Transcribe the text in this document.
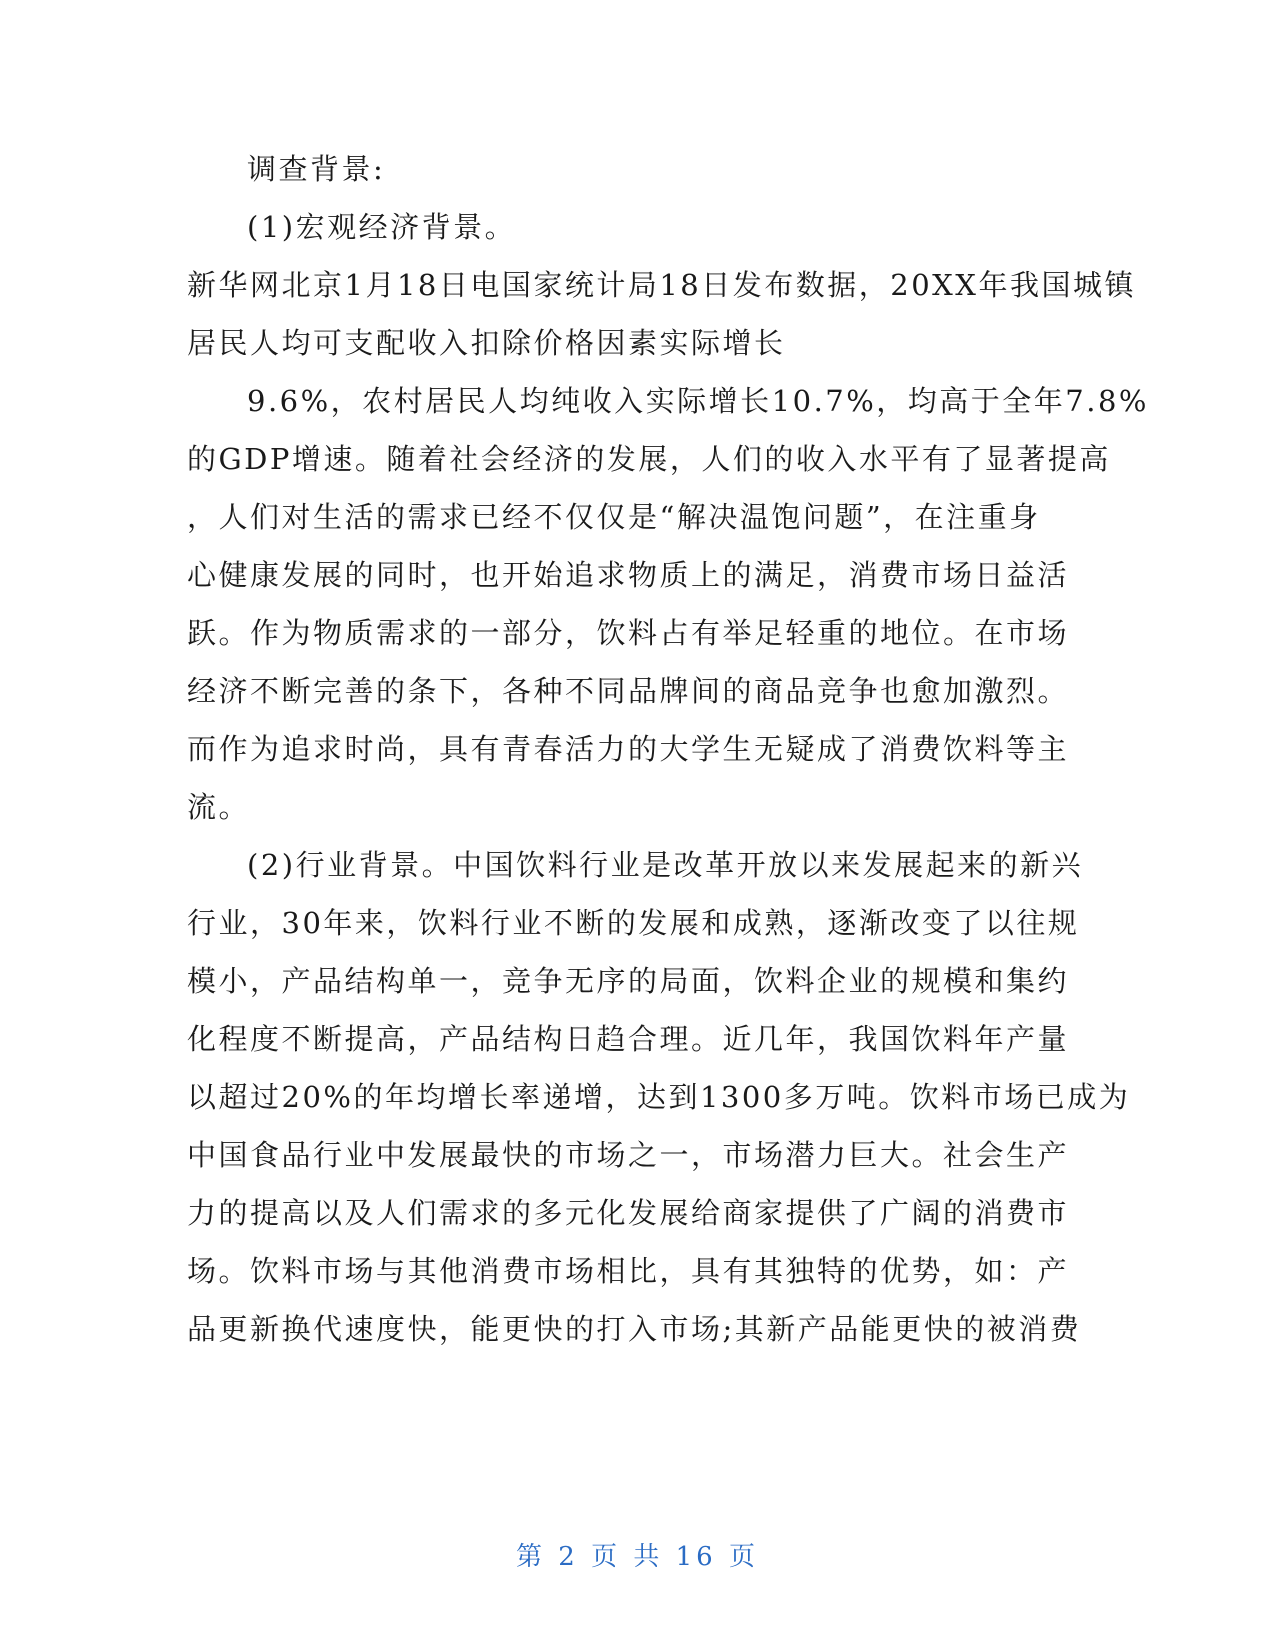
调查背景:
(1)宏观经济背景。
新华网北京1月18日电国家统计局18日发布数据，20XX年我国城镇
居民人均可支配收入扣除价格因素实际增长
9.6%，农村居民人均纯收入实际增长10.7%，均高于全年7.8%
的GDP增速。随着社会经济的发展，人们的收入水平有了显著提高
，人们对生活的需求已经不仅仅是“解决温饱问题”，在注重身
心健康发展的同时，也开始追求物质上的满足，消费市场日益活
跃。作为物质需求的一部分，饮料占有举足轻重的地位。在市场
经济不断完善的条下，各种不同品牌间的商品竞争也愈加激烈。
而作为追求时尚，具有青春活力的大学生无疑成了消费饮料等主
流。
(2)行业背景。中国饮料行业是改革开放以来发展起来的新兴
行业，30年来，饮料行业不断的发展和成熟，逐渐改变了以往规
模小，产品结构单一，竞争无序的局面，饮料企业的规模和集约
化程度不断提高，产品结构日趋合理。近几年，我国饮料年产量
以超过20%的年均增长率递增，达到1300多万吨。饮料市场已成为
中国食品行业中发展最快的市场之一，市场潜力巨大。社会生产
力的提高以及人们需求的多元化发展给商家提供了广阔的消费市
场。饮料市场与其他消费市场相比，具有其独特的优势，如：产
品更新换代速度快，能更快的打入市场;其新产品能更快的被消费
第 2 页 共 16 页
